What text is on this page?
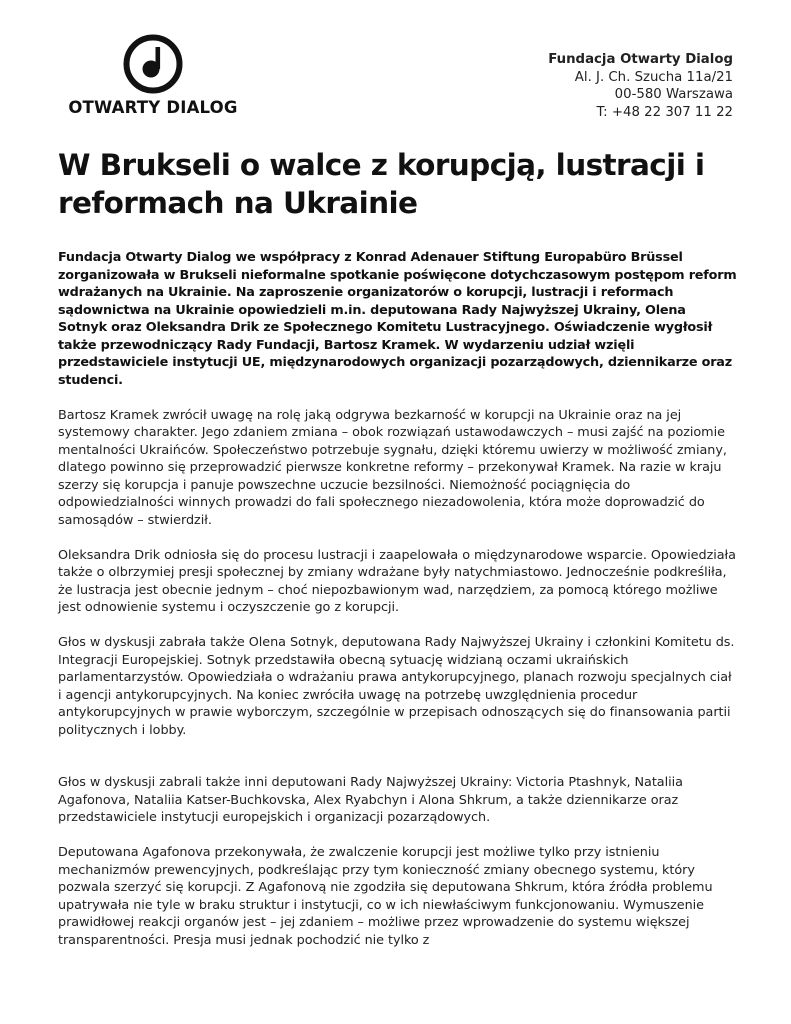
OTWARTY DIALOG
Fundacja Otwarty Dialog
Al. J. Ch. Szucha 11a/21
00-580 Warszawa
T: +48 22 307 11 22
W Brukseli o walce z korupcją, lustracji i reformach na Ukrainie

Fundacja Otwarty Dialog we współpracy z Konrad Adenauer Stiftung Europabüro Brüssel zorganizowała w Brukseli nieformalne spotkanie poświęcone dotychczasowym postępom reform wdrażanych na Ukrainie. Na zaproszenie organizatorów o korupcji, lustracji i reformach sądownictwa na Ukrainie opowiedzieli m.in. deputowana Rady Najwyższej Ukrainy, Olena Sotnyk oraz Oleksandra Drik ze Społecznego Komitetu Lustracyjnego. Oświadczenie wygłosił także przewodniczący Rady Fundacji, Bartosz Kramek. W wydarzeniu udział wzięli przedstawiciele instytucji UE, międzynarodowych organizacji pozarządowych, dziennikarze oraz studenci.

Bartosz Kramek zwrócił uwagę na rolę jaką odgrywa bezkarność w korupcji na Ukrainie oraz na jej systemowy charakter. Jego zdaniem zmiana – obok rozwiązań ustawodawczych – musi zajść na poziomie mentalności Ukraińców. Społeczeństwo potrzebuje sygnału, dzięki któremu uwierzy w możliwość zmiany, dlatego powinno się przeprowadzić pierwsze konkretne reformy – przekonywał Kramek. Na razie w kraju szerzy się korupcja i panuje powszechne uczucie bezsilności. Niemożność pociągnięcia do odpowiedzialności winnych prowadzi do fali społecznego niezadowolenia, która może doprowadzić do samosądów – stwierdził.

Oleksandra Drik odniosła się do procesu lustracji i zaapelowała o międzynarodowe wsparcie. Opowiedziała także o olbrzymiej presji społecznej by zmiany wdrażane były natychmiastowo. Jednocześnie podkreśliła, że lustracja jest obecnie jednym – choć niepozbawionym wad, narzędziem, za pomocą którego możliwe jest odnowienie systemu i oczyszczenie go z korupcji.

Głos w dyskusji zabrała także Olena Sotnyk, deputowana Rady Najwyższej Ukrainy i członkini Komitetu ds. Integracji Europejskiej. Sotnyk przedstawiła obecną sytuację widzianą oczami ukraińskich parlamentarzystów. Opowiedziała o wdrażaniu prawa antykorupcyjnego, planach rozwoju specjalnych ciał i agencji antykorupcyjnych. Na koniec zwróciła uwagę na potrzebę uwzględnienia procedur antykorupcyjnych w prawie wyborczym, szczególnie w przepisach odnoszących się do finansowania partii politycznych i lobby.

Głos w dyskusji zabrali także inni deputowani Rady Najwyższej Ukrainy: Victoria Ptashnyk, Nataliia Agafonova, Nataliia Katser-Buchkovska, Alex Ryabchyn i Alona Shkrum, a także dziennikarze oraz przedstawiciele instytucji europejskich i organizacji pozarządowych.

Deputowana Agafonova przekonywała, że zwalczenie korupcji jest możliwe tylko przy istnieniu mechanizmów prewencyjnych, podkreślając przy tym konieczność zmiany obecnego systemu, który pozwala szerzyć się korupcji. Z Agafonovą nie zgodziła się deputowana Shkrum, która źródła problemu upatrywała nie tyle w braku struktur i instytucji, co w ich niewłaściwym funkcjonowaniu. Wymuszenie prawidłowej reakcji organów jest – jej zdaniem – możliwe przez wprowadzenie do systemu większej transparentności. Presja musi jednak pochodzić nie tylko z
